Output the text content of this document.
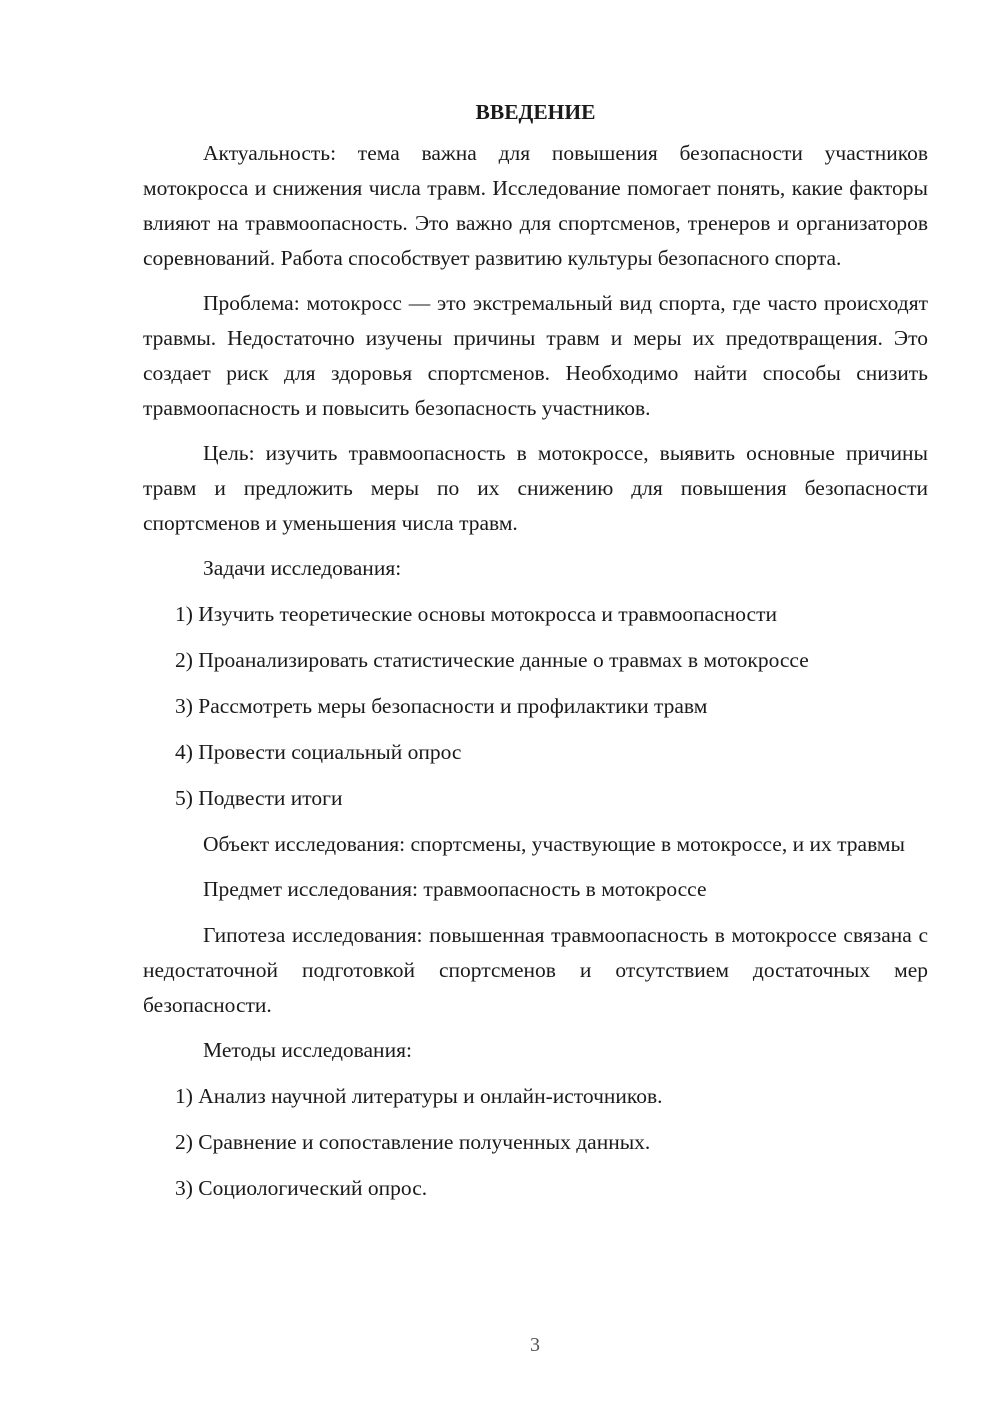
ВВЕДЕНИЕ

Актуальность: тема важна для повышения безопасности участников мотокросса и снижения числа травм. Исследование помогает понять, какие факторы влияют на травмоопасность. Это важно для спортсменов, тренеров и организаторов соревнований. Работа способствует развитию культуры безопасного спорта.

Проблема: мотокросс — это экстремальный вид спорта, где часто происходят травмы. Недостаточно изучены причины травм и меры их предотвращения. Это создает риск для здоровья спортсменов. Необходимо найти способы снизить травмоопасность и повысить безопасность участников.

Цель: изучить травмоопасность в мотокроссе, выявить основные причины травм и предложить меры по их снижению для повышения безопасности спортсменов и уменьшения числа травм.

Задачи исследования:

1) Изучить теоретические основы мотокросса и травмоопасности
2) Проанализировать статистические данные о травмах в мотокроссе
3) Рассмотреть меры безопасности и профилактики травм
4) Провести социальный опрос
5) Подвести итоги

Объект исследования: спортсмены, участвующие в мотокроссе, и их травмы

Предмет исследования: травмоопасность в мотокроссе

Гипотеза исследования: повышенная травмоопасность в мотокроссе связана с недостаточной подготовкой спортсменов и отсутствием достаточных мер безопасности.

Методы исследования:

1) Анализ научной литературы и онлайн-источников.
2) Сравнение и сопоставление полученных данных.
3) Социологический опрос.
3
